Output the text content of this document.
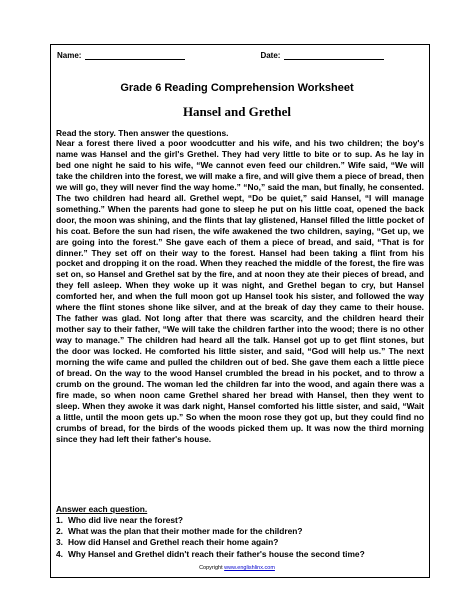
Name:	Date:
Grade 6 Reading Comprehension Worksheet
Hansel and Grethel
Read the story. Then answer the questions.

Near a forest there lived a poor woodcutter and his wife, and his two children; the boy's name was Hansel and the girl's Grethel. They had very little to bite or to sup. As he lay in bed one night he said to his wife, “We cannot even feed our children.” Wife said, “We will take the children into the forest, we will make a fire, and will give them a piece of bread, then we will go, they will never find the way home.” “No,” said the man, but finally, he consented. The two children had heard all. Grethel wept, “Do be quiet,” said Hansel, “I will manage something.” When the parents had gone to sleep he put on his little coat, opened the back door, the moon was shining, and the flints that lay glistened, Hansel filled the little pocket of his coat. Before the sun had risen, the wife awakened the two children, saying, “Get up, we are going into the forest.” She gave each of them a piece of bread, and said, “That is for dinner.” They set off on their way to the forest. Hansel had been taking a flint from his pocket and dropping it on the road. When they reached the middle of the forest, the fire was set on, so Hansel and Grethel sat by the fire, and at noon they ate their pieces of bread, and they fell asleep. When they woke up it was night, and Grethel began to cry, but Hansel comforted her, and when the full moon got up Hansel took his sister, and followed the way where the flint stones shone like silver, and at the break of day they came to their house. The father was glad. Not long after that there was scarcity, and the children heard their mother say to their father, “We will take the children farther into the wood; there is no other way to manage.” The children had heard all the talk. Hansel got up to get flint stones, but the door was locked. He comforted his little sister, and said, “God will help us.” The next morning the wife came and pulled the children out of bed. She gave them each a little piece of bread. On the way to the wood Hansel crumbled the bread in his pocket, and to throw a crumb on the ground. The woman led the children far into the wood, and again there was a fire made, so when noon came Grethel shared her bread with Hansel, then they went to sleep. When they awoke it was dark night, Hansel comforted his little sister, and said, “Wait a little, until the moon gets up.” So when the moon rose they got up, but they could find no crumbs of bread, for the birds of the woods picked them up. It was now the third morning since they had left their father's house.

Answer each question.
1. Who did live near the forest?
2. What was the plan that their mother made for the children?
3. How did Hansel and Grethel reach their home again?
4. Why Hansel and Grethel didn't reach their father's house the second time?
Copyright www.englishlinx.com
